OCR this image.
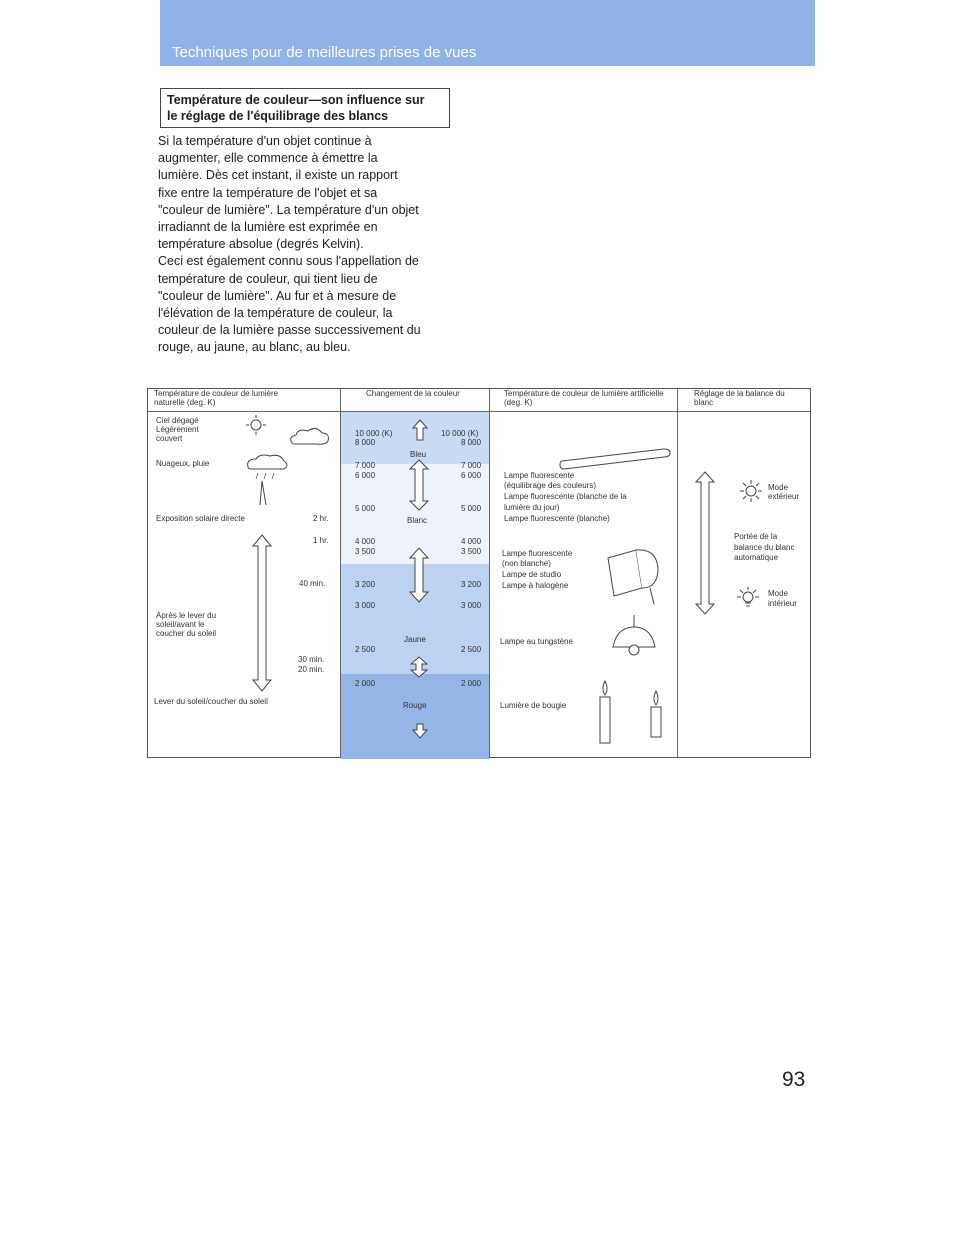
Techniques pour de meilleures prises de vues
Température de couleur—son influence sur
le réglage de l'équilibrage des blancs

Si la température d'un objet continue à

augmenter, elle commence à émettre la

lumière. Dès cet instant, il existe un rapport

fixe entre la température de l'objet et sa

"couleur de lumière". La température d'un objet

irradiannt de la lumière est exprimée en

température absolue (degrés Kelvin).

Ceci est également connu sous l'appellation de

température de couleur, qui tient lieu de

"couleur de lumière". Au fur et à mesure de

l'élévation de la température de couleur, la

couleur de la lumière passe successivement du

rouge, au jaune, au blanc, au bleu.

Température de couleur de lumière naturelle (deg. K)
Changement de la couleur	Température de couleur de lumière artificielle (deg. K)
Réglage de la balance du blanc
Ciel dégagé
Légèrement
couvert
Nuageux, pluie
Exposition solaire directe	2 hr.
1 hr.
40 min.
Après le lever du
soleil/avant le
coucher du soleil
30 min.
20 min.
Lever du soleil/coucher du soleil
10 000 (K)
8 000
7 000
6 000
5 000
4 000
3 500
3 200
3 000
2 500
2 000
10 000 (K)
8 000
7 000
6 000
5 000
4 000
3 500
3 200
3 000
2 500
2 000
Bleu
Blanc
Jaune
Rouge
Lampe fluorescente
(équilibrage des couleurs)
Lampe fluorescente (blanche de la
lumière du jour)
Lampe fluorescente (blanche)
Lampe fluorescente
(non blanche)
Lampe de studio
Lampe à halogène
Lampe au tungstène
Lumière de bougie
Mode
extérieur
Portée de la
balance du blanc
automatique
Mode
intérieur
93
